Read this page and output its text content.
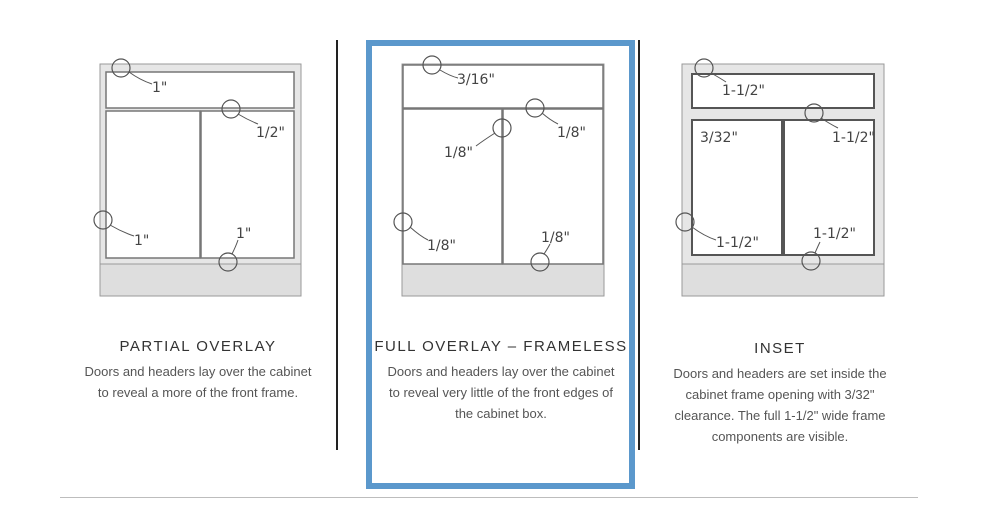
1"
1/2"
1"	1"
3/16"
1/8"
1/8"
1/8"	1/8"
1-1/2"
3/32"	1-1/2"
1-1/2"
1-1/2"
PARTIAL OVERLAY
Doors and headers lay over the cabinet
to reveal a more of the front frame.
FULL OVERLAY – FRAMELESS
Doors and headers lay over the cabinet
to reveal very little of the front edges of
the cabinet box.
INSET
Doors and headers are set inside the
cabinet frame opening with 3/32"
clearance. The full 1-1/2" wide frame
components are visible.
